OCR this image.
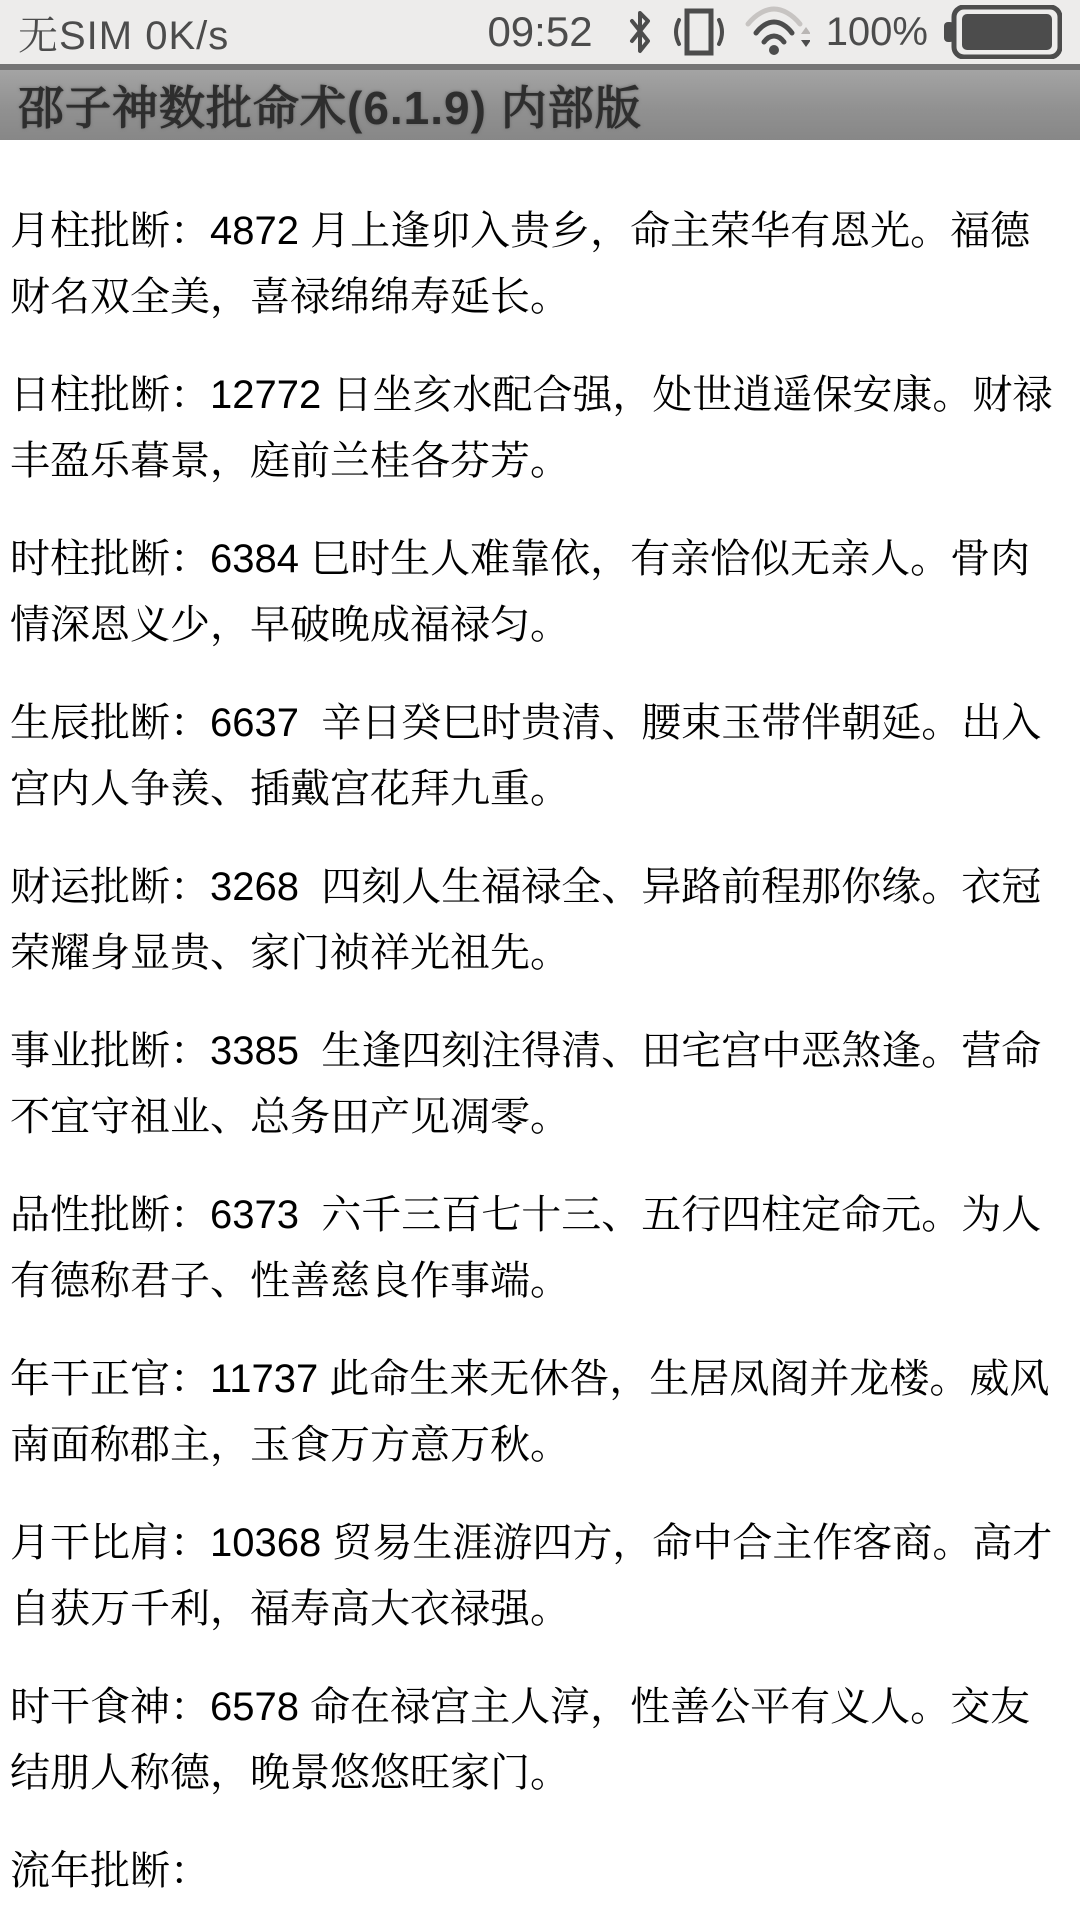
无SIM 0K/s	09:52	100%
邵子神数批命术(6.1.9) 内部版

月柱批断：4872 月上逢卯入贵乡，命主荣华有恩光。福德财名双全美，喜禄绵绵寿延长。

日柱批断：12772 日坐亥水配合强，处世逍遥保安康。财禄丰盈乐暮景，庭前兰桂各芬芳。

时柱批断：6384 巳时生人难靠依，有亲恰似无亲人。骨肉情深恩义少，早破晚成福禄匀。

生辰批断：6637  辛日癸巳时贵清、腰束玉带伴朝延。出入宫内人争羡、插戴宫花拜九重。

财运批断：3268  四刻人生福禄全、异路前程那你缘。衣冠荣耀身显贵、家门祯祥光祖先。

事业批断：3385  生逢四刻注得清、田宅宫中恶煞逢。营命不宜守祖业、总务田产见凋零。

品性批断：6373  六千三百七十三、五行四柱定命元。为人有德称君子、性善慈良作事端。

年干正官：11737 此命生来无休咎，生居凤阁并龙楼。威风南面称郡主，玉食万方意万秋。

月干比肩：10368 贸易生涯游四方，命中合主作客商。高才自获万千利，福寿高大衣禄强。

时干食神：6578 命在禄宫主人淳，性善公平有义人。交友结朋人称德，晚景悠悠旺家门。

流年批断：
